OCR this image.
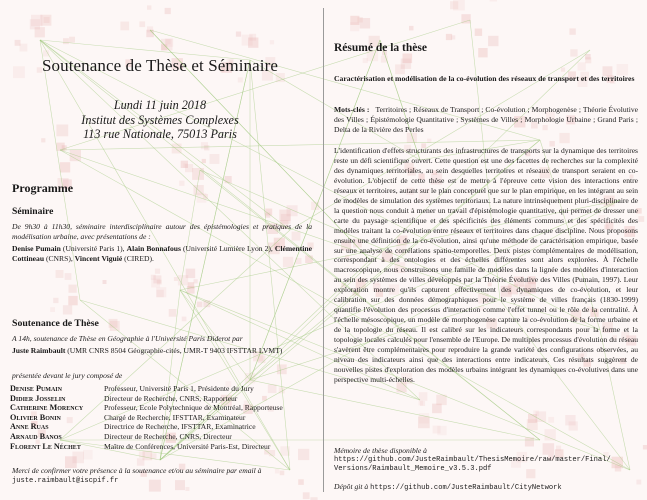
Soutenance de Thèse et Séminaire
Lundi 11 juin 2018
Institut des Systèmes Complexes
113 rue Nationale, 75013 Paris
Programme
Séminaire
De 9h30 à 11h30, séminaire interdisciplinaire autour des épistémologies et pratiques de la modélisation urbaine, avec présentations de :
Denise Pumain (Université Paris 1), Alain Bonnafous (Université Lumière Lyon 2), Clémentine Cottineau (CNRS), Vincent Viguié (CIRED).
Soutenance de Thèse
A 14h, soutenance de Thèse en Géographie à l'Université Paris Diderot par
Juste Raimbault (UMR CNRS 8504 Géographie-cités, UMR-T 9403 IFSTTAR LVMT)
présentée devant le jury composé de
Denise Pumain	Professeur, Université Paris 1, Présidente du Jury
Didier Josselin	Directeur de Recherche, CNRS, Rapporteur
Catherine Morency	Professeur, Ecole Polytechnique de Montréal, Rapporteuse
Olivier Bonin	Chargé de Recherche, IFSTTAR, Examinateur
Anne Ruas	Directrice de Recherche, IFSTTAR, Examinatrice
Arnaud Banos	Directeur de Recherche, CNRS, Directeur
Florent Le Néchet	Maître de Conférences, Université Paris-Est, Directeur
Merci de confirmer votre présence à la soutenance et/ou au séminaire par email à
juste.raimbault@iscpif.fr
Résumé de la thèse
Caractérisation et modélisation de la co-évolution des réseaux de transport et des territoires
Mots-clés : Territoires ; Réseaux de Transport ; Co-évolution ; Morphogenèse ; Théorie Évolutive des Villes ; Épistémologie Quantitative ; Systèmes de Villes ; Morphologie Urbaine ; Grand Paris ; Delta de la Rivière des Perles
L'identification d'effets structurants des infrastructures de transports sur la dynamique des territoires reste un défi scientifique ouvert. Cette question est une des facettes de recherches sur la complexité des dynamiques territoriales, au sein desquelles territoires et réseaux de transport seraient en co-évolution. L'objectif de cette thèse est de mettre à l'épreuve cette vision des interactions entre réseaux et territoires, autant sur le plan conceptuel que sur le plan empirique, en les intégrant au sein de modèles de simulation des systèmes territoriaux. La nature intrinsèquement pluri-disciplinaire de la question nous conduit à mener un travail d'épistémologie quantitative, qui permet de dresser une carte du paysage scientifique et des spécificités des éléments communs et des spécificités des modèles traitant la co-évolution entre réseaux et territoires dans chaque discipline. Nous proposons ensuite une définition de la co-évolution, ainsi qu'une méthode de caractérisation empirique, basée sur une analyse de corrélations spatio-temporelles. Deux pistes complémentaires de modélisation, correspondant à des ontologies et des échelles différentes sont alors explorées. À l'échelle macroscopique, nous construisons une famille de modèles dans la lignée des modèles d'interaction au sein des systèmes de villes développés par la Théorie Évolutive des Villes (Pumain, 1997). Leur exploration montre qu'ils capturent effectivement des dynamiques de co-évolution, et leur calibration sur des données démographiques pour le système de villes français (1830-1999) quantifie l'évolution des processus d'interaction comme l'effet tunnel ou le rôle de la centralité. À l'échelle mésoscopique, un modèle de morphogenèse capture la co-évolution de la forme urbaine et de la topologie du réseau. Il est calibré sur les indicateurs correspondants pour la forme et la topologie locales calculés pour l'ensemble de l'Europe. De multiples processus d'évolution du réseau s'avèrent être complémentaires pour reproduire la grande variété des configurations observées, au niveau des indicateurs ainsi que des interactions entre indicateurs. Ces résultats suggèrent de nouvelles pistes d'exploration des modèles urbains intégrant les dynamiques co-évolutives dans une perspective multi-échelles.
Mémoire de thèse disponible à
https://github.com/JusteRaimbault/ThesisMemoire/raw/master/Final/
Versions/Raimbault_Memoire_v3.5.3.pdf
Dépôt git à https://github.com/JusteRaimbault/CityNetwork
